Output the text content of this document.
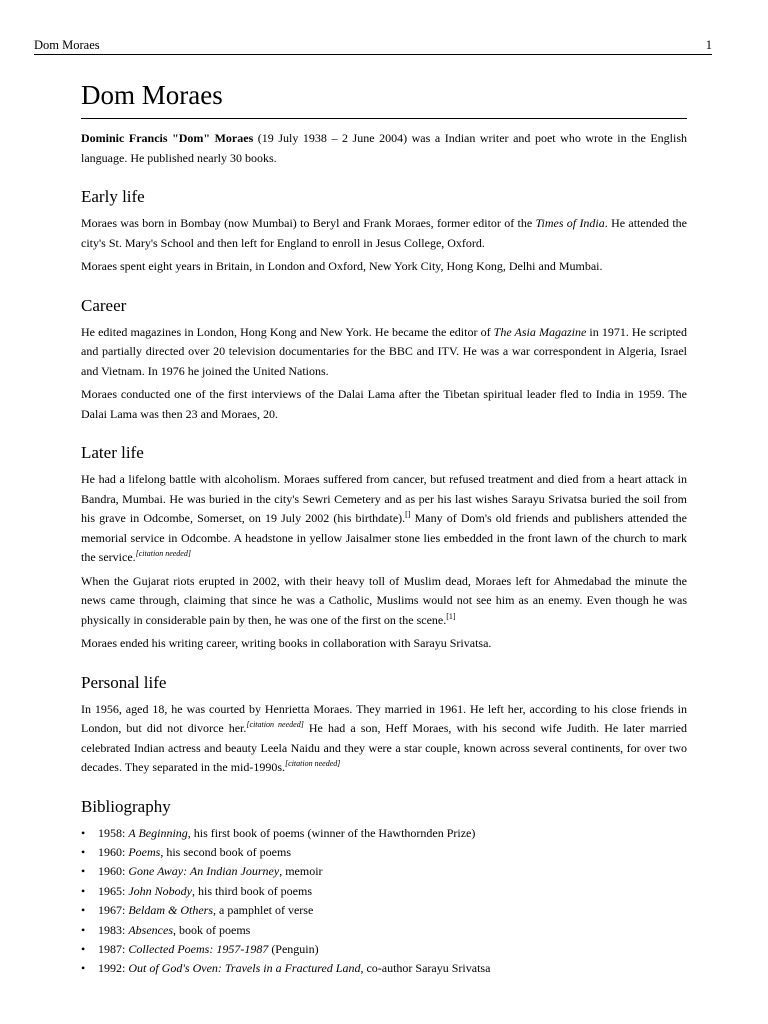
Dom Moraes	1
Dom Moraes

Dominic Francis "Dom" Moraes (19 July 1938 – 2 June 2004) was a Indian writer and poet who wrote in the English language. He published nearly 30 books.

Early life

Moraes was born in Bombay (now Mumbai) to Beryl and Frank Moraes, former editor of the Times of India. He attended the city's St. Mary's School and then left for England to enroll in Jesus College, Oxford.

Moraes spent eight years in Britain, in London and Oxford, New York City, Hong Kong, Delhi and Mumbai.

Career

He edited magazines in London, Hong Kong and New York. He became the editor of The Asia Magazine in 1971. He scripted and partially directed over 20 television documentaries for the BBC and ITV. He was a war correspondent in Algeria, Israel and Vietnam. In 1976 he joined the United Nations.

Moraes conducted one of the first interviews of the Dalai Lama after the Tibetan spiritual leader fled to India in 1959. The Dalai Lama was then 23 and Moraes, 20.

Later life

He had a lifelong battle with alcoholism. Moraes suffered from cancer, but refused treatment and died from a heart attack in Bandra, Mumbai. He was buried in the city's Sewri Cemetery and as per his last wishes Sarayu Srivatsa buried the soil from his grave in Odcombe, Somerset, on 19 July 2002 (his birthdate).[] Many of Dom's old friends and publishers attended the memorial service in Odcombe. A headstone in yellow Jaisalmer stone lies embedded in the front lawn of the church to mark the service.[citation needed]

When the Gujarat riots erupted in 2002, with their heavy toll of Muslim dead, Moraes left for Ahmedabad the minute the news came through, claiming that since he was a Catholic, Muslims would not see him as an enemy. Even though he was physically in considerable pain by then, he was one of the first on the scene.[1]

Moraes ended his writing career, writing books in collaboration with Sarayu Srivatsa.

Personal life

In 1956, aged 18, he was courted by Henrietta Moraes. They married in 1961. He left her, according to his close friends in London, but did not divorce her.[citation needed] He had a son, Heff Moraes, with his second wife Judith. He later married celebrated Indian actress and beauty Leela Naidu and they were a star couple, known across several continents, for over two decades. They separated in the mid-1990s.[citation needed]

Bibliography
• 1958: A Beginning, his first book of poems (winner of the Hawthornden Prize)
• 1960: Poems, his second book of poems
• 1960: Gone Away: An Indian Journey, memoir
• 1965: John Nobody, his third book of poems
• 1967: Beldam & Others, a pamphlet of verse
• 1983: Absences, book of poems
• 1987: Collected Poems: 1957-1987 (Penguin)
• 1992: Out of God's Oven: Travels in a Fractured Land, co-author Sarayu Srivatsa
